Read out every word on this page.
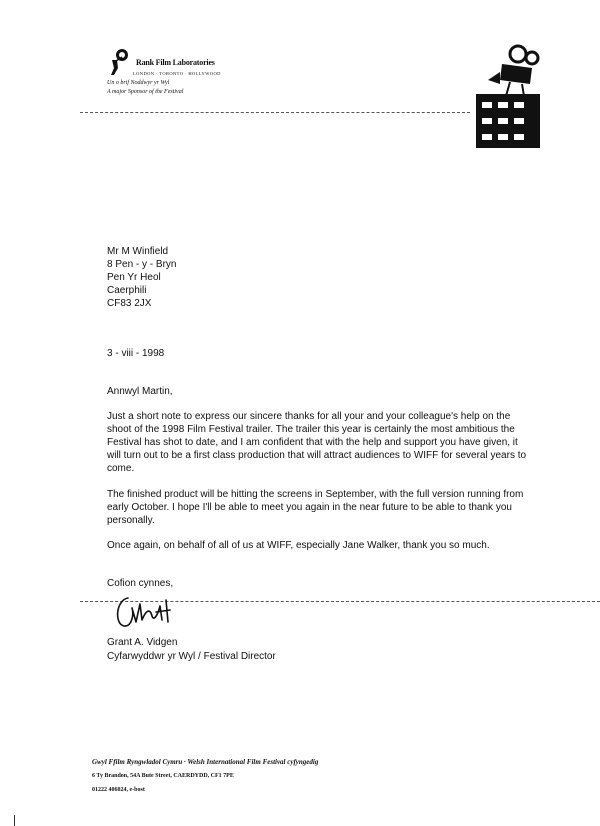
Rank Film Laboratories
LONDON · TORONTO · HOLLYWOOD
Un o brif Noddwyr yr Wyl
A major Sponsor of the Festival
Mr M Winfield
8 Pen - y - Bryn
Pen Yr Heol
Caerphili
CF83 2JX
3 - viii - 1998
Annwyl Martin,

Just a short note to express our sincere thanks for all your and your colleague's help on the shoot of the 1998 Film Festival trailer. The trailer this year is certainly the most ambitious the Festival has shot to date, and I am confident that with the help and support you have given, it will turn out to be a first class production that will attract audiences to WIFF for several years to come.

The finished product will be hitting the screens in September, with the full version running from early October. I hope I'll be able to meet you again in the near future to be able to thank you personally.

Once again, on behalf of all of us at WIFF, especially Jane Walker, thank you so much.

Cofion cynnes,
Grant A. Vidgen
Cyfarwyddwr yr Wyl / Festival Director
Gwyl Ffilm Ryngwladol Cymru · Welsh International Film Festival cyfyngedig
6 Ty Brandon, 54A Bute Street, CAERDYDD, CF1 7PE
01222 406024, e-bost
